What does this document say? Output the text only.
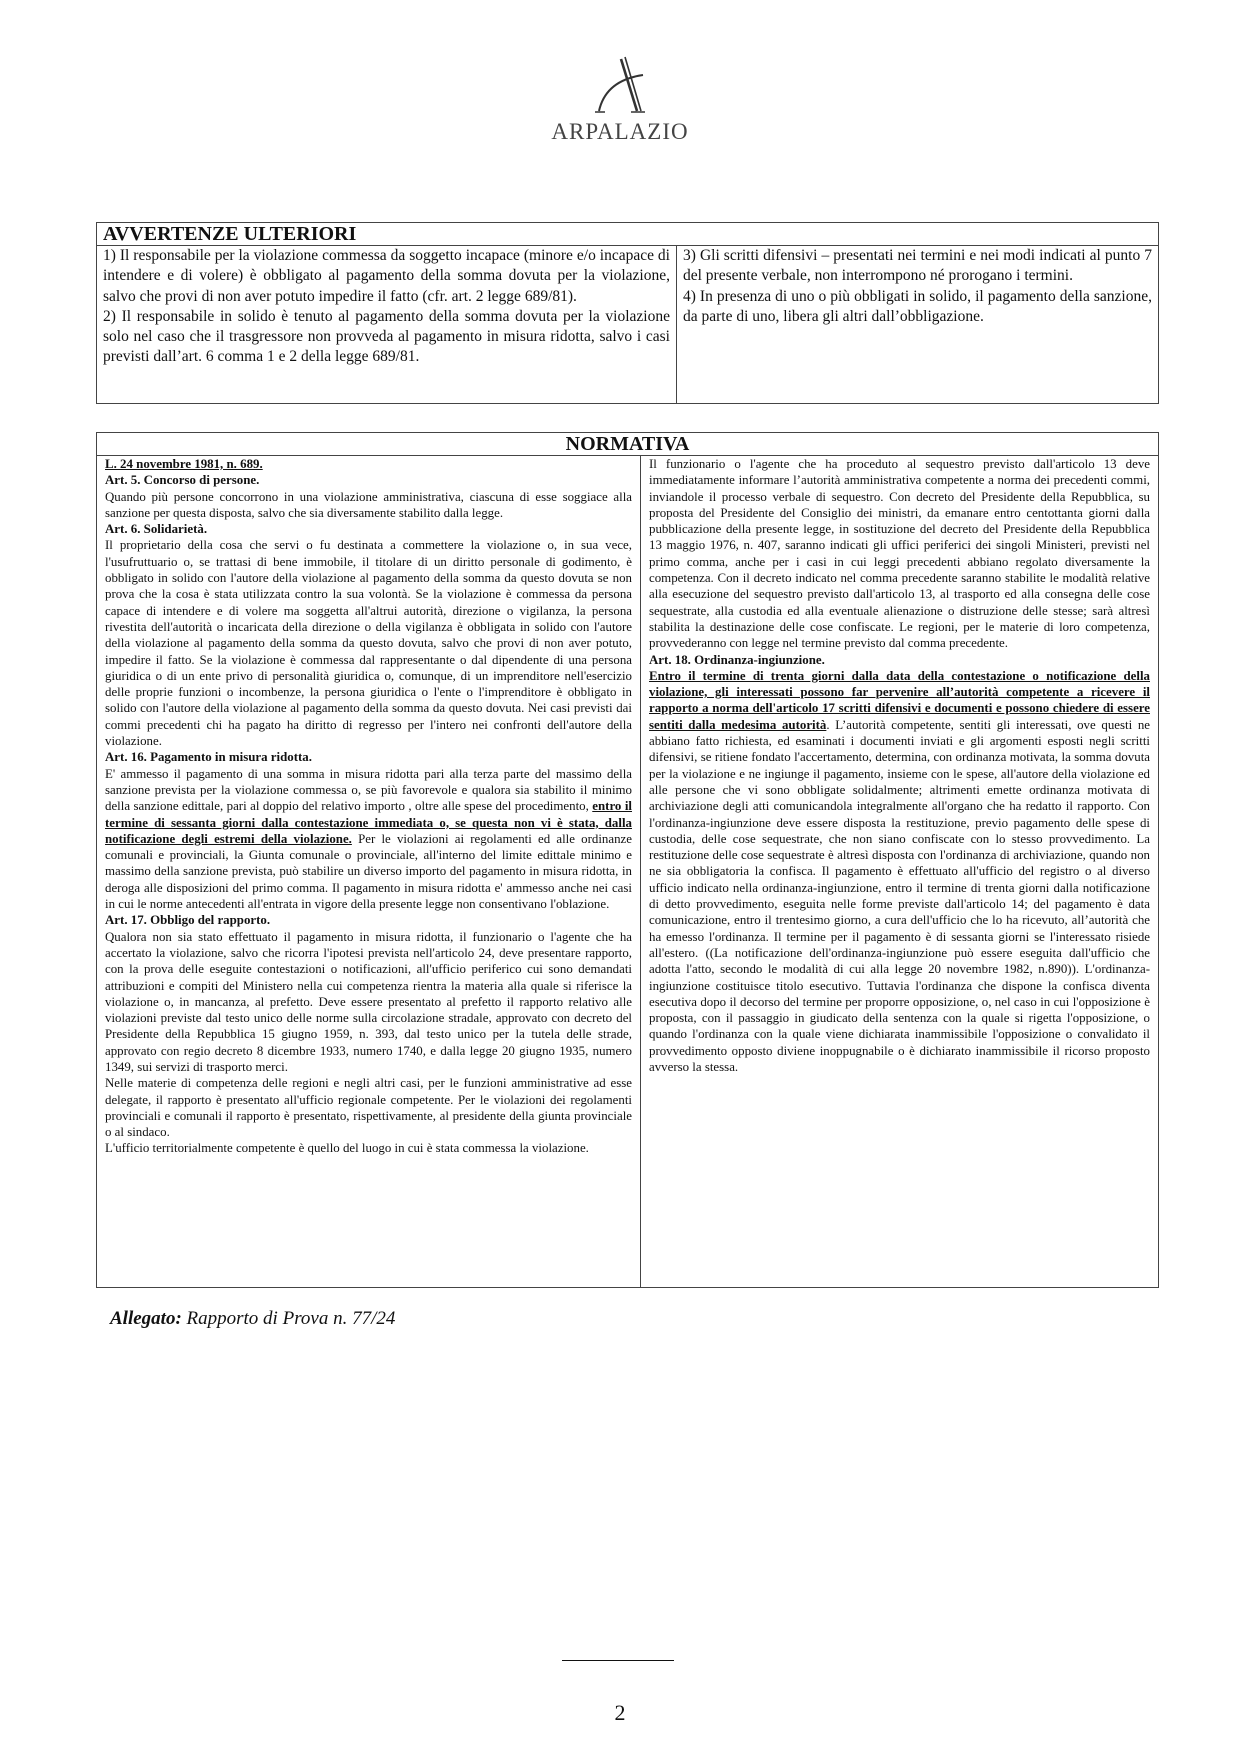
ARPALAZIO
AVVERTENZE ULTERIORI

1) Il responsabile per la violazione commessa da soggetto incapace (minore e/o incapace di intendere e di volere) è obbligato al pagamento della somma dovuta per la violazione, salvo che provi di non aver potuto impedire il fatto (cfr. art. 2 legge 689/81).

2) Il responsabile in solido è tenuto al pagamento della somma dovuta per la violazione solo nel caso che il trasgressore non provveda al pagamento in misura ridotta, salvo i casi previsti dall’art. 6 comma 1 e 2 della legge 689/81.

3) Gli scritti difensivi – presentati nei termini e nei modi indicati al punto 7 del presente verbale, non interrompono né prorogano i termini.

4) In presenza di uno o più obbligati in solido, il pagamento della sanzione, da parte di uno, libera gli altri dall’obbligazione.

NORMATIVA

L. 24 novembre 1981, n. 689.

Art. 5. Concorso di persone.

Quando più persone concorrono in una violazione amministrativa, ciascuna di esse soggiace alla sanzione per questa disposta, salvo che sia diversamente stabilito dalla legge.

Art. 6. Solidarietà.

Il proprietario della cosa che servi o fu destinata a commettere la violazione o, in sua vece, l'usufruttuario o, se trattasi di bene immobile, il titolare di un diritto personale di godimento, è obbligato in solido con l'autore della violazione al pagamento della somma da questo dovuta se non prova che la cosa è stata utilizzata contro la sua volontà. Se la violazione è commessa da persona capace di intendere e di volere ma soggetta all'altrui autorità, direzione o vigilanza, la persona rivestita dell'autorità o incaricata della direzione o della vigilanza è obbligata in solido con l'autore della violazione al pagamento della somma da questo dovuta, salvo che provi di non aver potuto, impedire il fatto. Se la violazione è commessa dal rappresentante o dal dipendente di una persona giuridica o di un ente privo di personalità giuridica o, comunque, di un imprenditore nell'esercizio delle proprie funzioni o incombenze, la persona giuridica o l'ente o l'imprenditore è obbligato in solido con l'autore della violazione al pagamento della somma da questo dovuta. Nei casi previsti dai commi precedenti chi ha pagato ha diritto di regresso per l'intero nei confronti dell'autore della violazione.

Art. 16. Pagamento in misura ridotta.

E' ammesso il pagamento di una somma in misura ridotta pari alla terza parte del massimo della sanzione prevista per la violazione commessa o, se più favorevole e qualora sia stabilito il minimo della sanzione edittale, pari al doppio del relativo importo , oltre alle spese del procedimento, entro il termine di sessanta giorni dalla contestazione immediata o, se questa non vi è stata, dalla notificazione degli estremi della violazione. Per le violazioni ai regolamenti ed alle ordinanze comunali e provinciali, la Giunta comunale o provinciale, all'interno del limite edittale minimo e massimo della sanzione prevista, può stabilire un diverso importo del pagamento in misura ridotta, in deroga alle disposizioni del primo comma. Il pagamento in misura ridotta e' ammesso anche nei casi in cui le norme antecedenti all'entrata in vigore della presente legge non consentivano l'oblazione.

Art. 17. Obbligo del rapporto.

Qualora non sia stato effettuato il pagamento in misura ridotta, il funzionario o l'agente che ha accertato la violazione, salvo che ricorra l'ipotesi prevista nell'articolo 24, deve presentare rapporto, con la prova delle eseguite contestazioni o notificazioni, all'ufficio periferico cui sono demandati attribuzioni e compiti del Ministero nella cui competenza rientra la materia alla quale si riferisce la violazione o, in mancanza, al prefetto. Deve essere presentato al prefetto il rapporto relativo alle violazioni previste dal testo unico delle norme sulla circolazione stradale, approvato con decreto del Presidente della Repubblica 15 giugno 1959, n. 393, dal testo unico per la tutela delle strade, approvato con regio decreto 8 dicembre 1933, numero 1740, e dalla legge 20 giugno 1935, numero 1349, sui servizi di trasporto merci.

Nelle materie di competenza delle regioni e negli altri casi, per le funzioni amministrative ad esse delegate, il rapporto è presentato all'ufficio regionale competente. Per le violazioni dei regolamenti provinciali e comunali il rapporto è presentato, rispettivamente, al presidente della giunta provinciale o al sindaco.

L'ufficio territorialmente competente è quello del luogo in cui è stata commessa la violazione.

Il funzionario o l'agente che ha proceduto al sequestro previsto dall'articolo 13 deve immediatamente informare l’autorità amministrativa competente a norma dei precedenti commi, inviandole il processo verbale di sequestro. Con decreto del Presidente della Repubblica, su proposta del Presidente del Consiglio dei ministri, da emanare entro centottanta giorni dalla pubblicazione della presente legge, in sostituzione del decreto del Presidente della Repubblica 13 maggio 1976, n. 407, saranno indicati gli uffici periferici dei singoli Ministeri, previsti nel primo comma, anche per i casi in cui leggi precedenti abbiano regolato diversamente la competenza. Con il decreto indicato nel comma precedente saranno stabilite le modalità relative alla esecuzione del sequestro previsto dall'articolo 13, al trasporto ed alla consegna delle cose sequestrate, alla custodia ed alla eventuale alienazione o distruzione delle stesse; sarà altresì stabilita la destinazione delle cose confiscate. Le regioni, per le materie di loro competenza, provvederanno con legge nel termine previsto dal comma precedente.

Art. 18. Ordinanza-ingiunzione.

Entro il termine di trenta giorni dalla data della contestazione o notificazione della violazione, gli interessati possono far pervenire all’autorità competente a ricevere il rapporto a norma dell'articolo 17 scritti difensivi e documenti e possono chiedere di essere sentiti dalla medesima autorità. L’autorità competente, sentiti gli interessati, ove questi ne abbiano fatto richiesta, ed esaminati i documenti inviati e gli argomenti esposti negli scritti difensivi, se ritiene fondato l'accertamento, determina, con ordinanza motivata, la somma dovuta per la violazione e ne ingiunge il pagamento, insieme con le spese, all'autore della violazione ed alle persone che vi sono obbligate solidalmente; altrimenti emette ordinanza motivata di archiviazione degli atti comunicandola integralmente all'organo che ha redatto il rapporto. Con l'ordinanza-ingiunzione deve essere disposta la restituzione, previo pagamento delle spese di custodia, delle cose sequestrate, che non siano confiscate con lo stesso provvedimento. La restituzione delle cose sequestrate è altresì disposta con l'ordinanza di archiviazione, quando non ne sia obbligatoria la confisca. Il pagamento è effettuato all'ufficio del registro o al diverso ufficio indicato nella ordinanza-ingiunzione, entro il termine di trenta giorni dalla notificazione di detto provvedimento, eseguita nelle forme previste dall'articolo 14; del pagamento è data comunicazione, entro il trentesimo giorno, a cura dell'ufficio che lo ha ricevuto, all’autorità che ha emesso l'ordinanza. Il termine per il pagamento è di sessanta giorni se l'interessato risiede all'estero. ((La notificazione dell'ordinanza-ingiunzione può essere eseguita dall'ufficio che adotta l'atto, secondo le modalità di cui alla legge 20 novembre 1982, n.890)). L'ordinanza-ingiunzione costituisce titolo esecutivo. Tuttavia l'ordinanza che dispone la confisca diventa esecutiva dopo il decorso del termine per proporre opposizione, o, nel caso in cui l'opposizione è proposta, con il passaggio in giudicato della sentenza con la quale si rigetta l'opposizione, o quando l'ordinanza con la quale viene dichiarata inammissibile l'opposizione o convalidato il provvedimento opposto diviene inoppugnabile o è dichiarato inammissibile il ricorso proposto avverso la stessa.

Allegato: Rapporto di Prova n. 77/24
2
